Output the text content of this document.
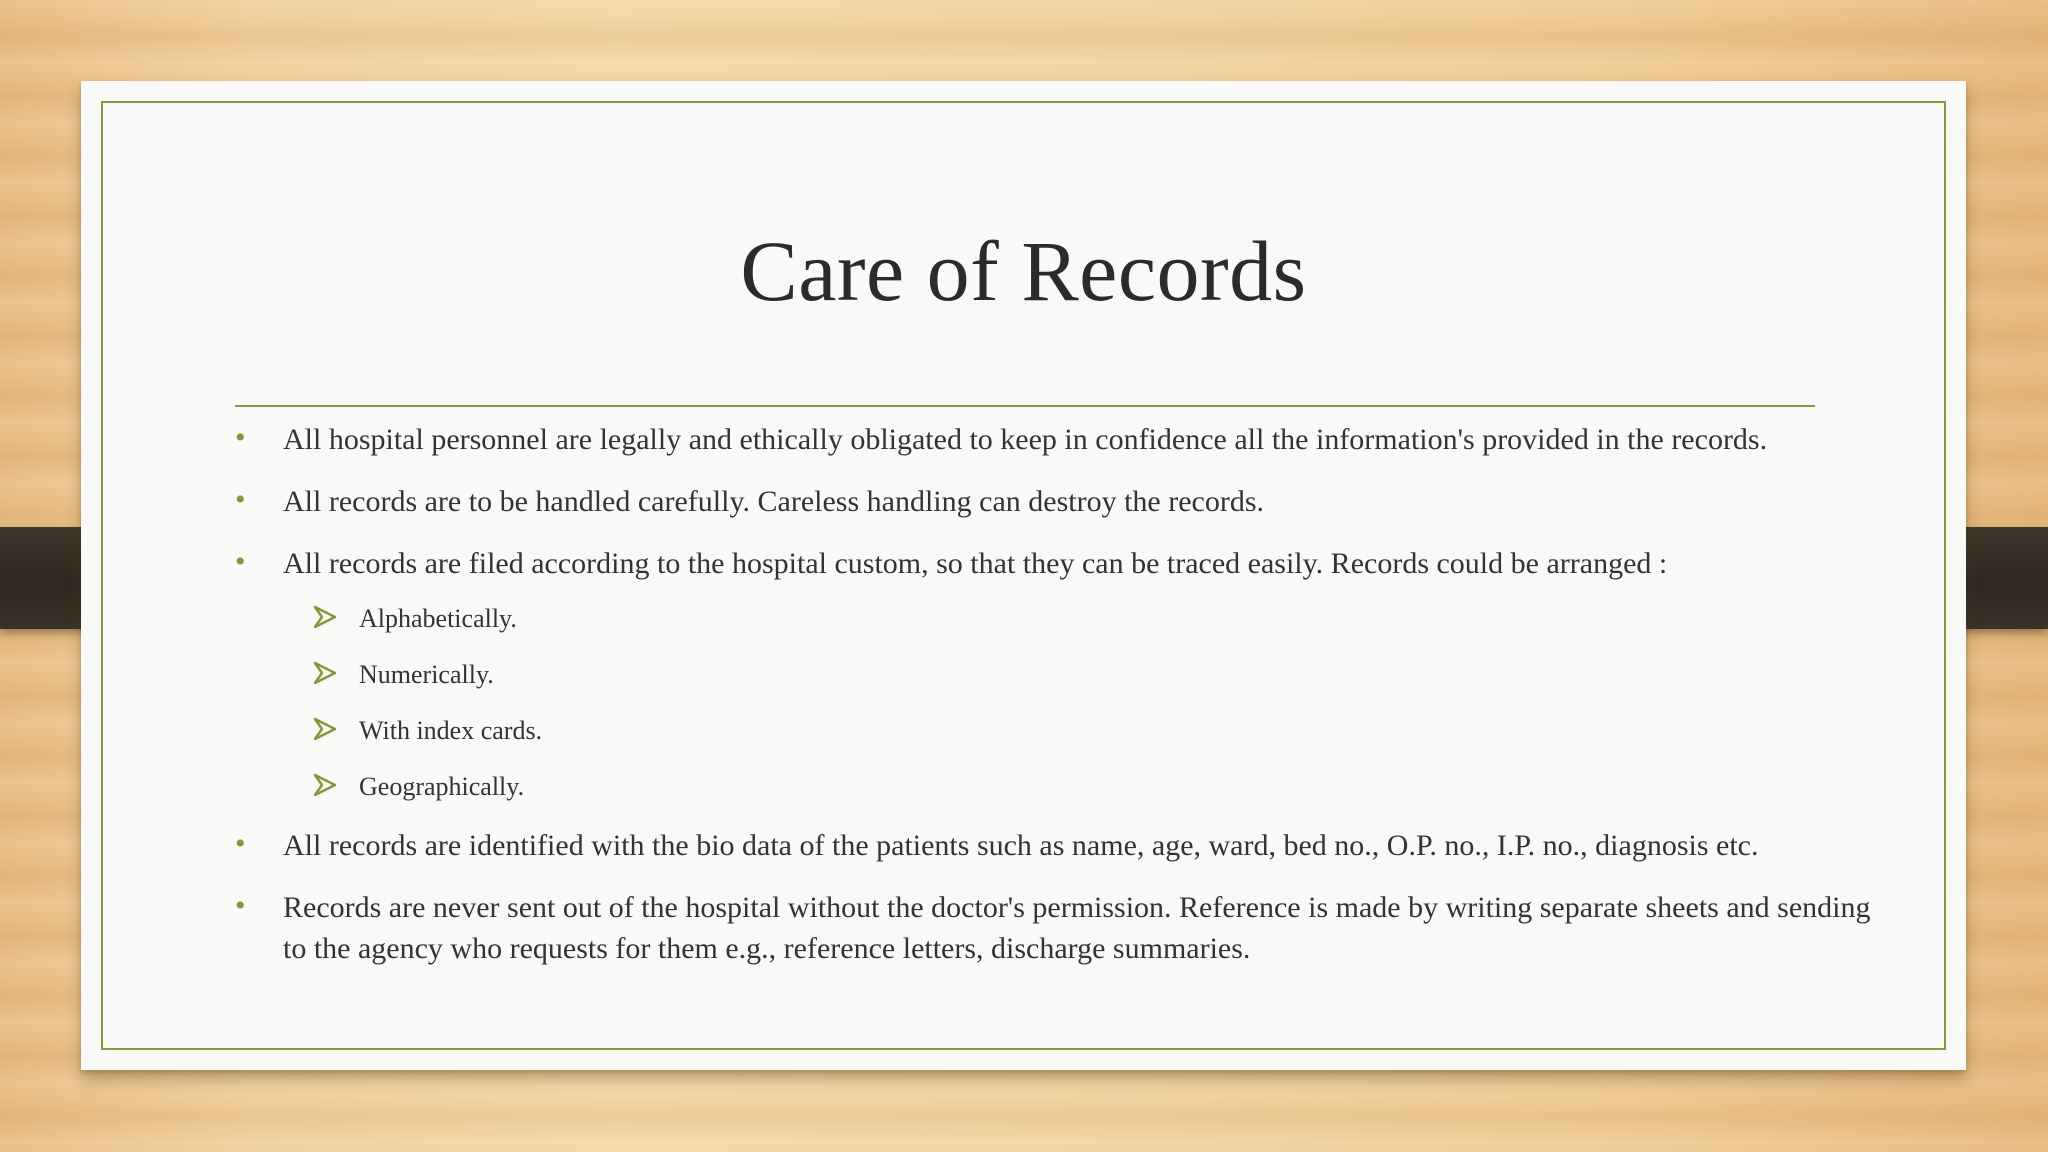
Care of Records
• All hospital personnel are legally and ethically obligated to keep in confidence all the information's provided in the records.
• All records are to be handled carefully. Careless handling can destroy the records.
• All records are filed according to the hospital custom, so that they can be traced easily. Records could be arranged :
Alphabetically.
Numerically.
With index cards.
Geographically.
• All records are identified with the bio data of the patients such as name, age, ward, bed no., O.P. no., I.P. no., diagnosis etc.
• Records are never sent out of the hospital without the doctor's permission. Reference is made by writing separate sheets and sending to the agency who requests for them e.g., reference letters, discharge summaries.
